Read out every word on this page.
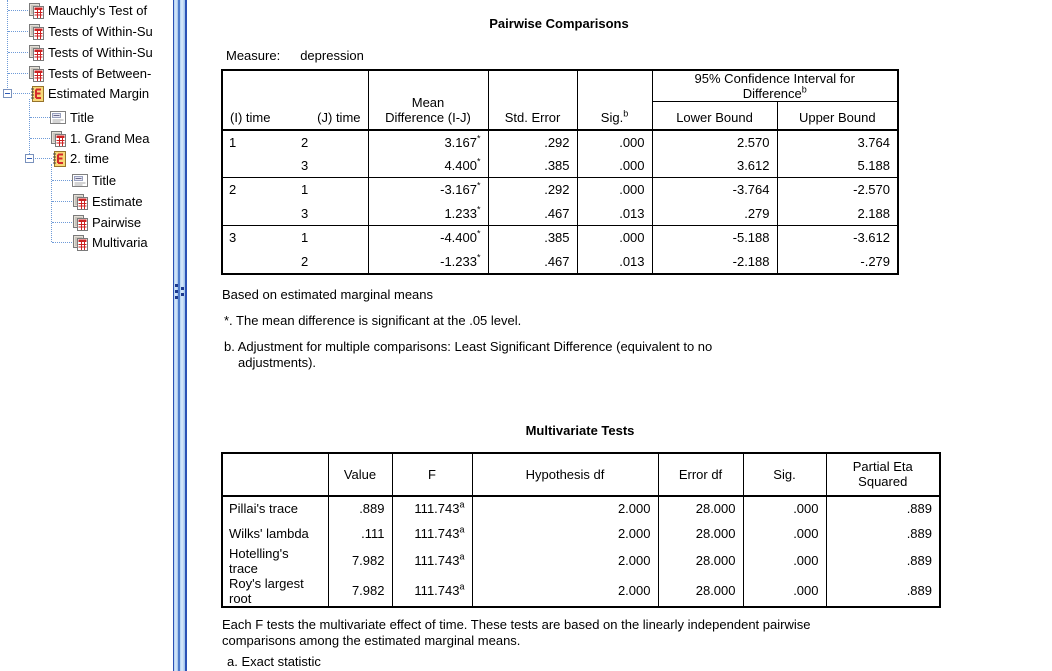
Mauchly's Test of
Tests of Within-Su
Tests of Within-Su
Tests of Between-
Estimated Margin
Title
1. Grand Mea
2. time
Title
Estimate
Pairwise
Multivaria
Pairwise Comparisons
Measure: depression
(I) time (J) time		Mean Difference (I-J)	Std. Error	Sig.$^b$	95% Confidence Interval for Difference$^b$

					Lower Bound	Upper Bound
1	2	3.167*	.292	.000	2.570	3.764
	3	4.400*	.385	.000	3.612	5.188
2	1	-3.167*	.292	.000	-3.764	-2.570
	3	1.233*	.467	.013	.279	2.188
3	1	-4.400*	.385	.000	-5.188	-3.612
	2	-1.233*	.467	.013	-2.188	-.279
Based on estimated marginal means
*. The mean difference is significant at the .05 level.
b. Adjustment for multiple comparisons: Least Significant Difference (equivalent to no adjustments).
Multivariate Tests
	Value	F	Hypothesis df	Error df	Sig.	Partial Eta Squared

Pillai's trace	.889	111.743$^a$	2.000	28.000	.000	.889
Wilks' lambda	.111	111.743$^a$	2.000	28.000	.000	.889
Hotelling's trace	7.982	111.743$^a$	2.000	28.000	.000	.889
Roy's largest root	7.982	111.743$^a$	2.000	28.000	.000	.889
Each F tests the multivariate effect of time. These tests are based on the linearly independent pairwise comparisons among the estimated marginal means.
a. Exact statistic
